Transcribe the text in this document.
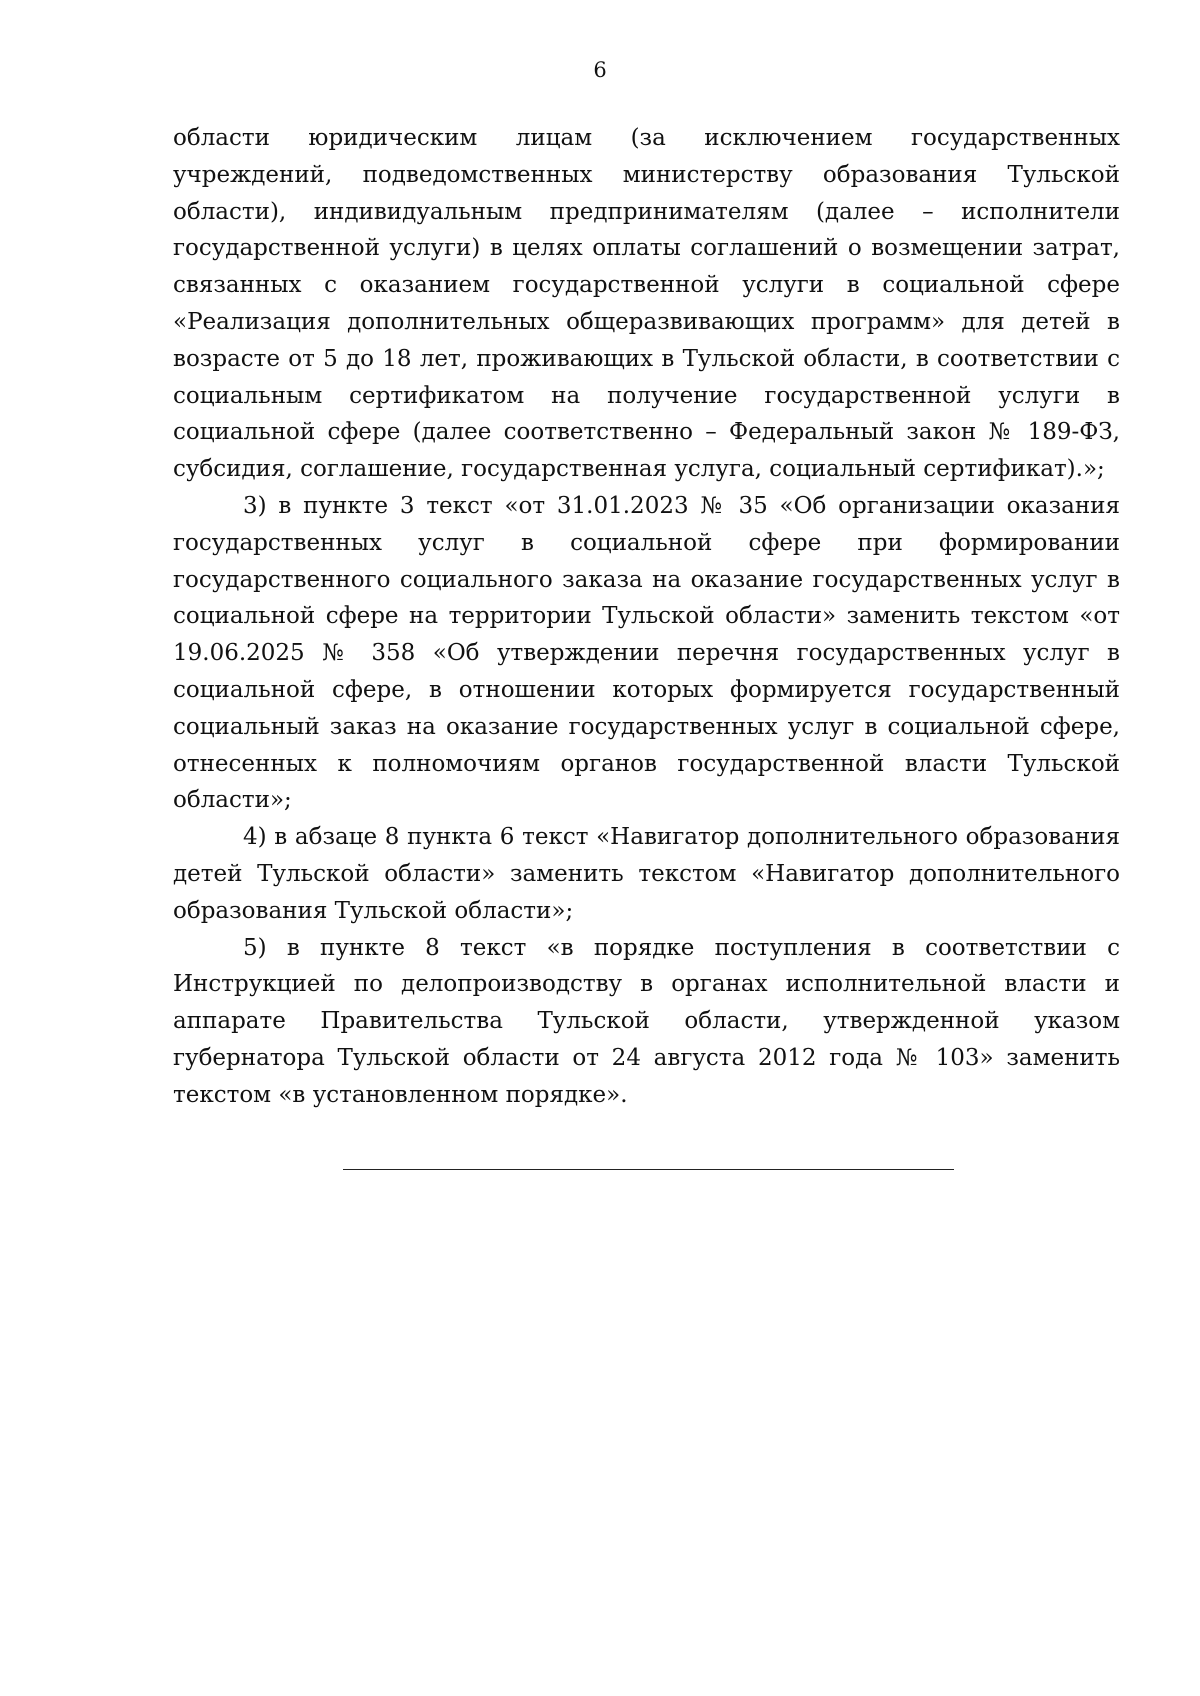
6

области юридическим лицам (за исключением государственных учреждений, подведомственных министерству образования Тульской области), индивидуальным предпринимателям (далее – исполнители государственной услуги) в целях оплаты соглашений о возмещении затрат, связанных с оказанием государственной услуги в социальной сфере «Реализация дополнительных общеразвивающих программ» для детей в возрасте от 5 до 18 лет, проживающих в Тульской области, в соответствии с социальным сертификатом на получение государственной услуги в социальной сфере (далее соответственно – Федеральный закон № 189-ФЗ, субсидия, соглашение, государственная услуга, социальный сертификат).»;

3) в пункте 3 текст «от 31.01.2023 № 35 «Об организации оказания государственных услуг в социальной сфере при формировании государственного социального заказа на оказание государственных услуг в социальной сфере на территории Тульской области» заменить текстом «от 19.06.2025 № 358 «Об утверждении перечня государственных услуг в социальной сфере, в отношении которых формируется государственный социальный заказ на оказание государственных услуг в социальной сфере, отнесенных к полномочиям органов государственной власти Тульской области»;

4) в абзаце 8 пункта 6 текст «Навигатор дополнительного образования детей Тульской области» заменить текстом «Навигатор дополнительного образования Тульской области»;

5) в пункте 8 текст «в порядке поступления в соответствии с Инструкцией по делопроизводству в органах исполнительной власти и аппарате Правительства Тульской области, утвержденной указом губернатора Тульской области от 24 августа 2012 года № 103» заменить текстом «в установленном порядке».
